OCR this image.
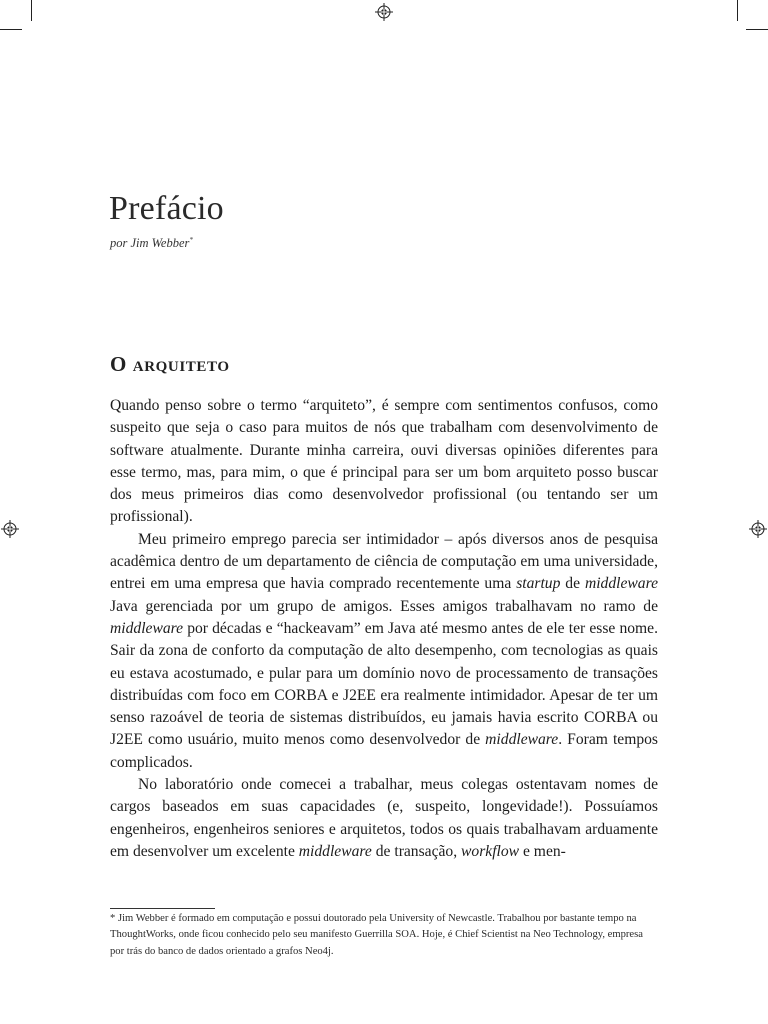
Prefácio
por Jim Webber*
O arquiteto

Quando penso sobre o termo “arquiteto”, é sempre com sentimentos confusos, como suspeito que seja o caso para muitos de nós que trabalham com desenvolvimento de software atualmente. Durante minha carreira, ouvi diversas opiniões diferentes para esse termo, mas, para mim, o que é principal para ser um bom arquiteto posso buscar dos meus primeiros dias como desenvolvedor profissional (ou tentando ser um profissional).

Meu primeiro emprego parecia ser intimidador – após diversos anos de pesquisa acadêmica dentro de um departamento de ciência de computação em uma universidade, entrei em uma empresa que havia comprado recentemente uma startup de middleware Java gerenciada por um grupo de amigos. Esses amigos trabalhavam no ramo de middleware por décadas e “hackeavam” em Java até mesmo antes de ele ter esse nome. Sair da zona de conforto da computação de alto desempenho, com tecnologias as quais eu estava acostumado, e pular para um domínio novo de processamento de transações distribuídas com foco em CORBA e J2EE era realmente intimidador. Apesar de ter um senso razoável de teoria de sistemas distribuídos, eu jamais havia escrito CORBA ou J2EE como usuário, muito menos como desenvolvedor de middleware. Foram tempos complicados.

No laboratório onde comecei a trabalhar, meus colegas ostentavam nomes de cargos baseados em suas capacidades (e, suspeito, longevidade!). Possuíamos engenheiros, engenheiros seniores e arquitetos, todos os quais trabalhavam arduamente em desenvolver um excelente middleware de transação, workflow e men-

* Jim Webber é formado em computação e possui doutorado pela University of Newcastle. Trabalhou por bastante tempo na ThoughtWorks, onde ficou conhecido pelo seu manifesto Guerrilla SOA. Hoje, é Chief Scientist na Neo Technology, empresa por trás do banco de dados orientado a grafos Neo4j.
